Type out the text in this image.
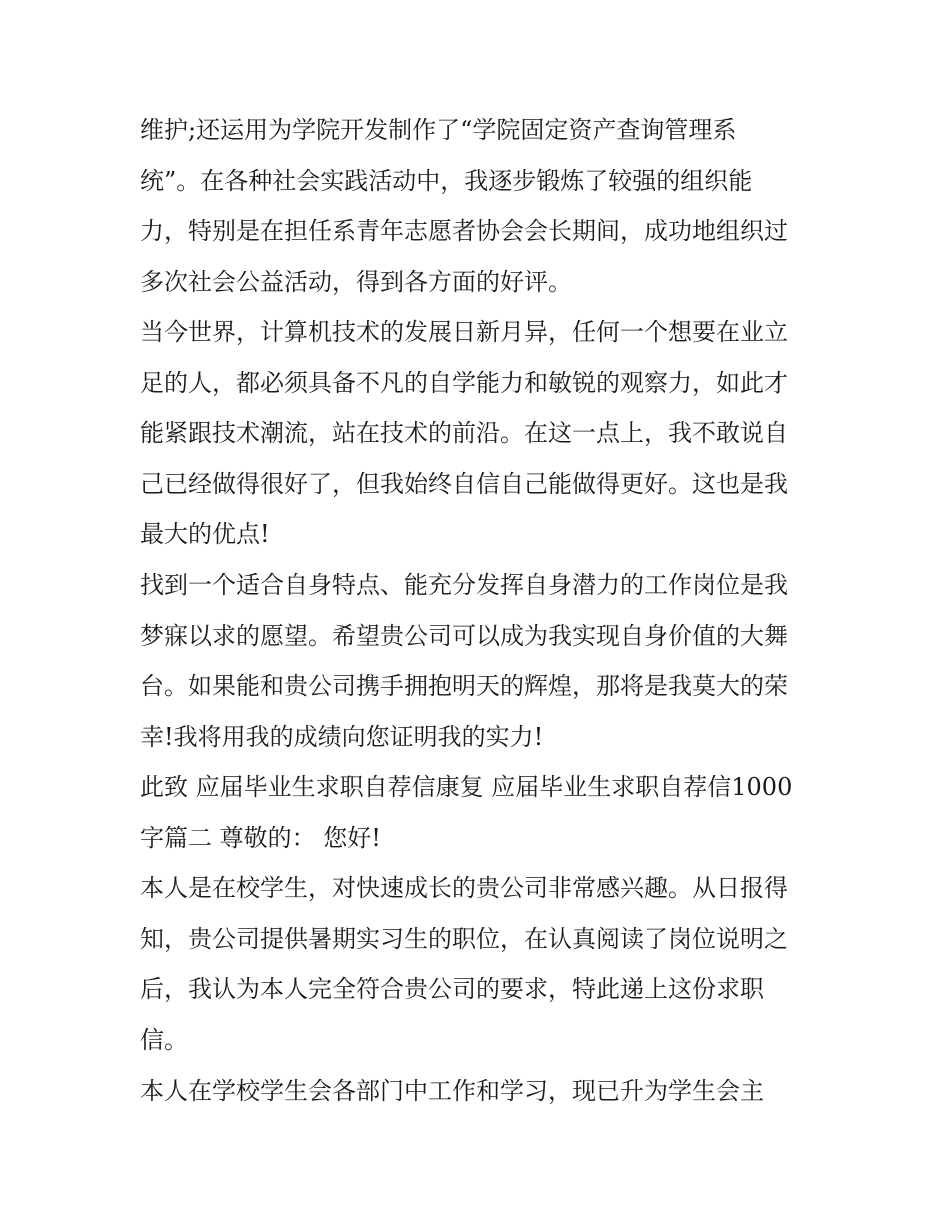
维护;还运用为学院开发制作了“学院固定资产查询管理系
统”。在各种社会实践活动中，我逐步锻炼了较强的组织能
力，特别是在担任系青年志愿者协会会长期间，成功地组织过
多次社会公益活动，得到各方面的好评。
当今世界，计算机技术的发展日新月异，任何一个想要在业立
足的人，都必须具备不凡的自学能力和敏锐的观察力，如此才
能紧跟技术潮流，站在技术的前沿。在这一点上，我不敢说自
己已经做得很好了，但我始终自信自己能做得更好。这也是我
最大的优点!
找到一个适合自身特点、能充分发挥自身潜力的工作岗位是我
梦寐以求的愿望。希望贵公司可以成为我实现自身价值的大舞
台。如果能和贵公司携手拥抱明天的辉煌，那将是我莫大的荣
幸!我将用我的成绩向您证明我的实力!
此致 应届毕业生求职自荐信康复 应届毕业生求职自荐信1000
字篇二 尊敬的： 您好!
本人是在校学生，对快速成长的贵公司非常感兴趣。从日报得
知，贵公司提供暑期实习生的职位，在认真阅读了岗位说明之
后，我认为本人完全符合贵公司的要求，特此递上这份求职
信。
本人在学校学生会各部门中工作和学习，现已升为学生会主
